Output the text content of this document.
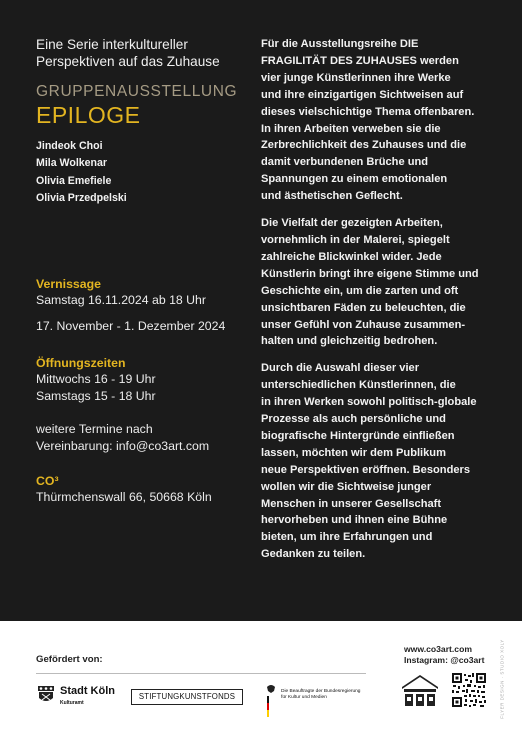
Eine Serie interkultureller
Perspektiven auf das Zuhause
GRUPPENAUSSTELLUNG
EPILOGE
Jindeok Choi
Mila Wolkenar
Olivia Emefiele
Olivia Przedpelski
Vernissage
Samstag 16.11.2024 ab 18 Uhr
17. November - 1. Dezember 2024
Öffnungszeiten
Mittwochs 16 - 19 Uhr
Samstags 15 - 18 Uhr
weitere Termine nach
Vereinbarung: info@co3art.com
CO³
Thürmchenswall 66, 50668 Köln
Für die Ausstellungsreihe DIE
FRAGILITÄT DES ZUHAUSES werden
vier junge Künstlerinnen ihre Werke
und ihre einzigartigen Sichtweisen auf
dieses vielschichtige Thema offenbaren.
In ihren Arbeiten verweben sie die
Zerbrechlichkeit des Zuhauses und die
damit verbundenen Brüche und
Spannungen zu einem emotionalen
und ästhetischen Geflecht.
Die Vielfalt der gezeigten Arbeiten,
vornehmlich in der Malerei, spiegelt
zahlreiche Blickwinkel wider. Jede
Künstlerin bringt ihre eigene Stimme und
Geschichte ein, um die zarten und oft
unsichtbaren Fäden zu beleuchten, die
unser Gefühl von Zuhause zusammen-
halten und gleichzeitig bedrohen.
Durch die Auswahl dieser vier
unterschiedlichen Künstlerinnen, die
in ihren Werken sowohl politisch-globale
Prozesse als auch persönliche und
biografische Hintergründe einfließen
lassen, möchten wir dem Publikum
neue Perspektiven eröffnen. Besonders
wollen wir die Sichtweise junger
Menschen in unserer Gesellschaft
hervorheben und ihnen eine Bühne
bieten, um ihre Erfahrungen und
Gedanken zu teilen.
Gefördert von:
Stadt Köln
Kulturamt
STIFTUNGKUNSTFONDS
Die Beauftragte der Bundesregierung
für Kultur und Medien
www.co3art.com
Instagram: @co3art	FLYER DESIGN · STUDIO XOLY
